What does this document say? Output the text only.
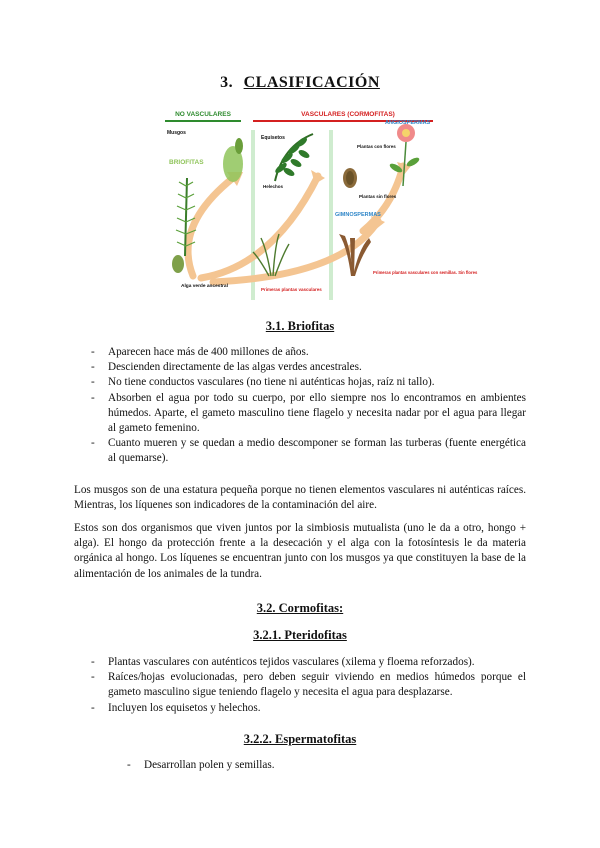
3. CLASIFICACIÓN
NO VASCULARES	VASCULARES (CORMOFITAS)
Musgos
BRIOFITAS
Equisetos
Helechos
ANGIOSPERMAS
Plantas con flores
Plantas sin flores
GIMNOSPERMAS
Alga verde ancestral
Primeras plantas vasculares
Primeras plantas vasculares con semillas. Sin flores
3.1. Briofitas
- Aparecen hace más de 400 millones de años.
- Descienden directamente de las algas verdes ancestrales.
- No tiene conductos vasculares (no tiene ni auténticas hojas, raíz ni tallo).
- Absorben el agua por todo su cuerpo, por ello siempre nos lo encontramos en ambientes húmedos. Aparte, el gameto masculino tiene flagelo y necesita nadar por el agua para llegar al gameto femenino.
- Cuanto mueren y se quedan a medio descomponer se forman las turberas (fuente energética al quemarse).

Los musgos son de una estatura pequeña porque no tienen elementos vasculares ni auténticas raíces. Mientras, los líquenes son indicadores de la contaminación del aire.

Estos son dos organismos que viven juntos por la simbiosis mutualista (uno le da a otro, hongo + alga). El hongo da protección frente a la desecación y el alga con la fotosíntesis le da materia orgánica al hongo. Los líquenes se encuentran junto con los musgos ya que constituyen la base de la alimentación de los animales de la tundra.

3.2. Cormofitas:
3.2.1. Pteridofitas
- Plantas vasculares con auténticos tejidos vasculares (xilema y floema reforzados).
- Raíces/hojas evolucionadas, pero deben seguir viviendo en medios húmedos porque el gameto masculino sigue teniendo flagelo y necesita el agua para desplazarse.
- Incluyen los equisetos y helechos.
3.2.2. Espermatofitas
- Desarrollan polen y semillas.
